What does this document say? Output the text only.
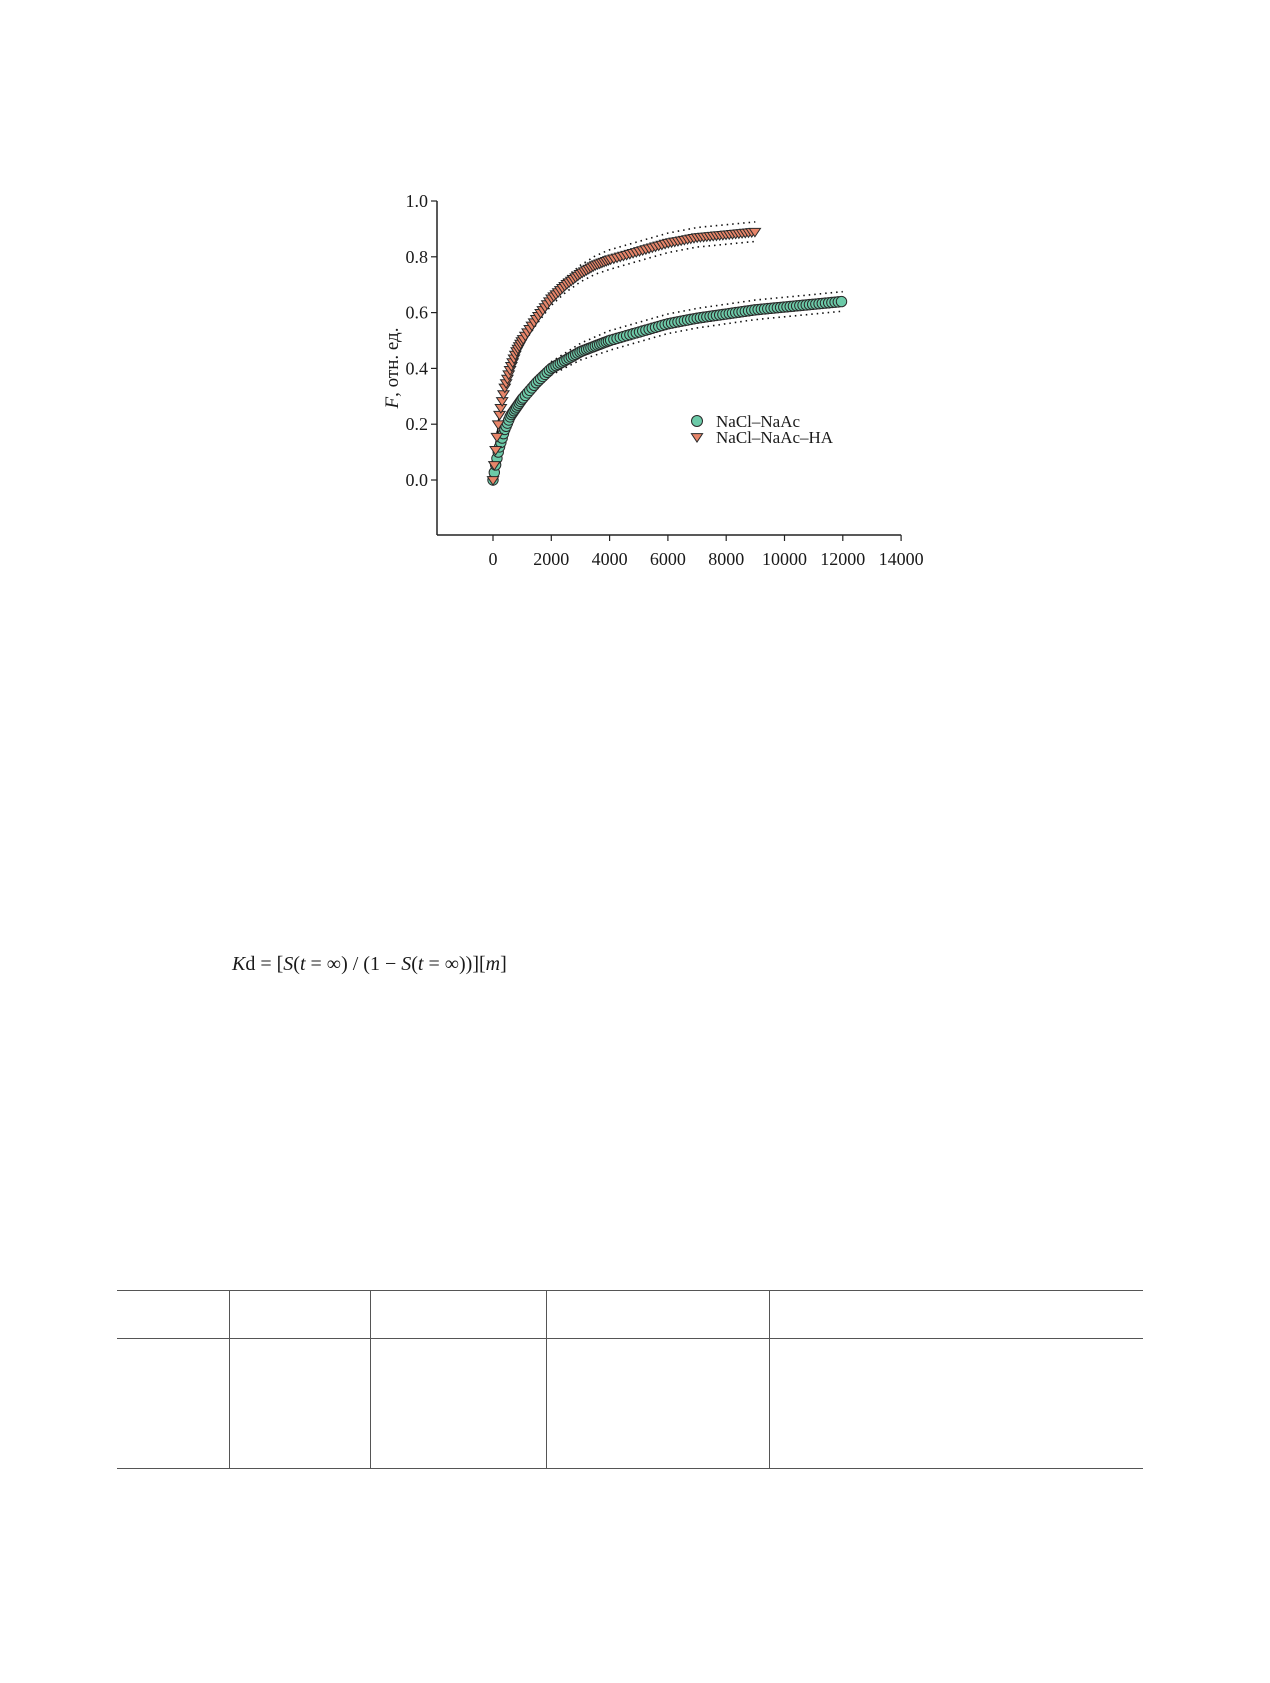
0.0
0.2
0.4
0.6
0.8
1.0
0 2000 4000 6000 8000 10000 12000 14000
NaCl–NaAc
NaCl–NaAc–HA
F, отн. ед.
Kd = [S(t = ∞) / (1 − S(t = ∞))][m]
